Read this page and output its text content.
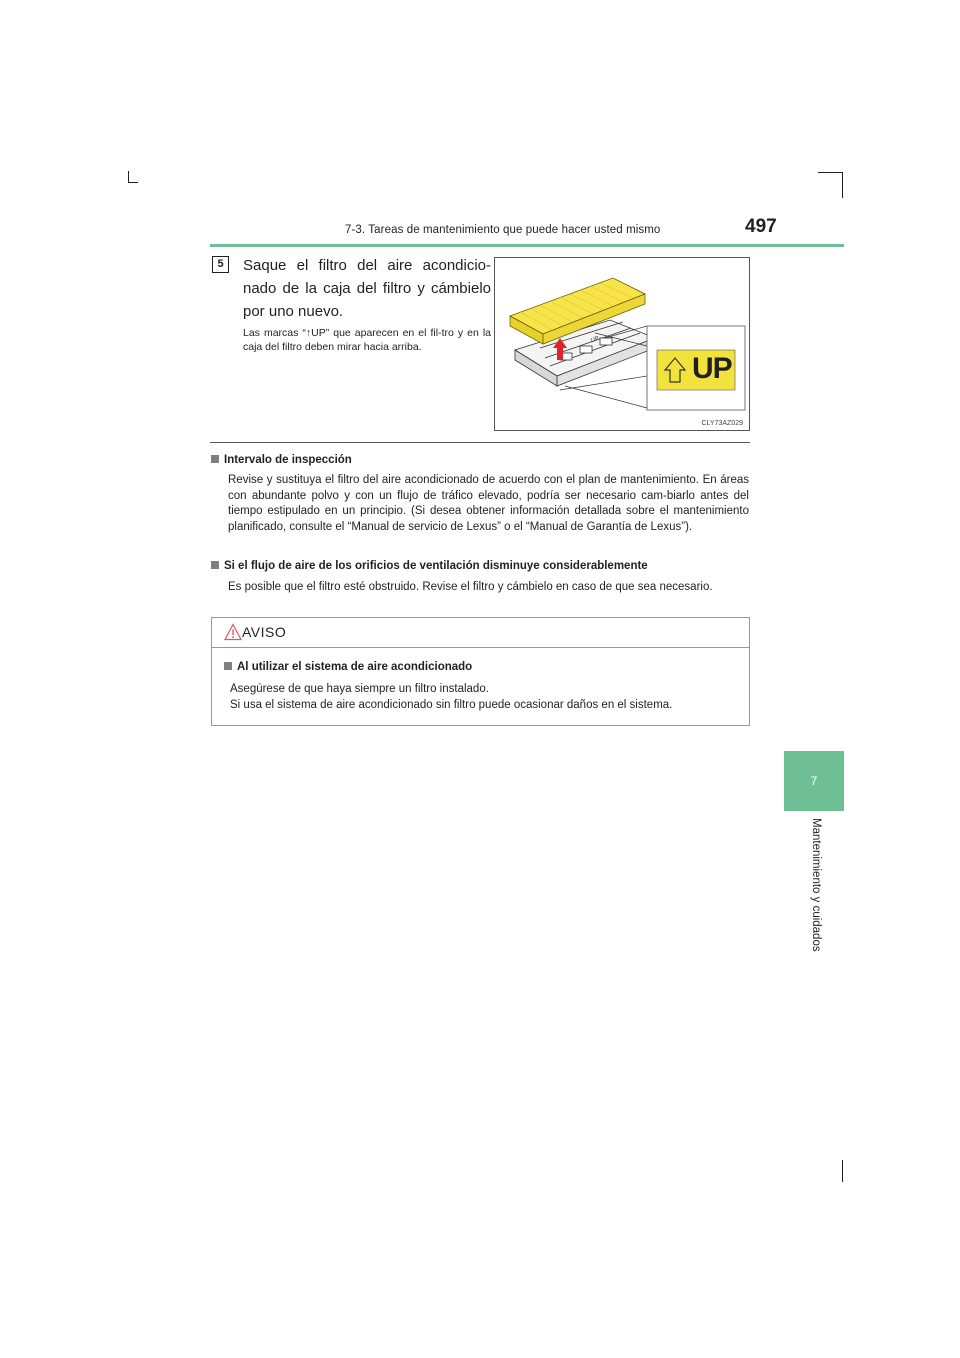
7-3. Tareas de mantenimiento que puede hacer usted mismo	497
7
Mantenimiento y cuidados
5	Saque el filtro del aire acondicio-nado de la caja del filtro y cámbielo por uno nuevo.
Las marcas “↑UP” que aparecen en el fil-tro y en la caja del filtro deben mirar hacia arriba.
UP
UP
CLY73AZ029
Intervalo de inspección
Revise y sustituya el filtro del aire acondicionado de acuerdo con el plan de mantenimiento. En áreas con abundante polvo y con un flujo de tráfico elevado, podría ser necesario cam-biarlo antes del tiempo estipulado en un principio. (Si desea obtener información detallada sobre el mantenimiento planificado, consulte el “Manual de servicio de Lexus” o el “Manual de Garantía de Lexus”).
Si el flujo de aire de los orificios de ventilación disminuye considerablemente
Es posible que el filtro esté obstruido. Revise el filtro y cámbielo en caso de que sea necesario.
AVISO
Al utilizar el sistema de aire acondicionado
Asegúrese de que haya siempre un filtro instalado.
Si usa el sistema de aire acondicionado sin filtro puede ocasionar daños en el sistema.
